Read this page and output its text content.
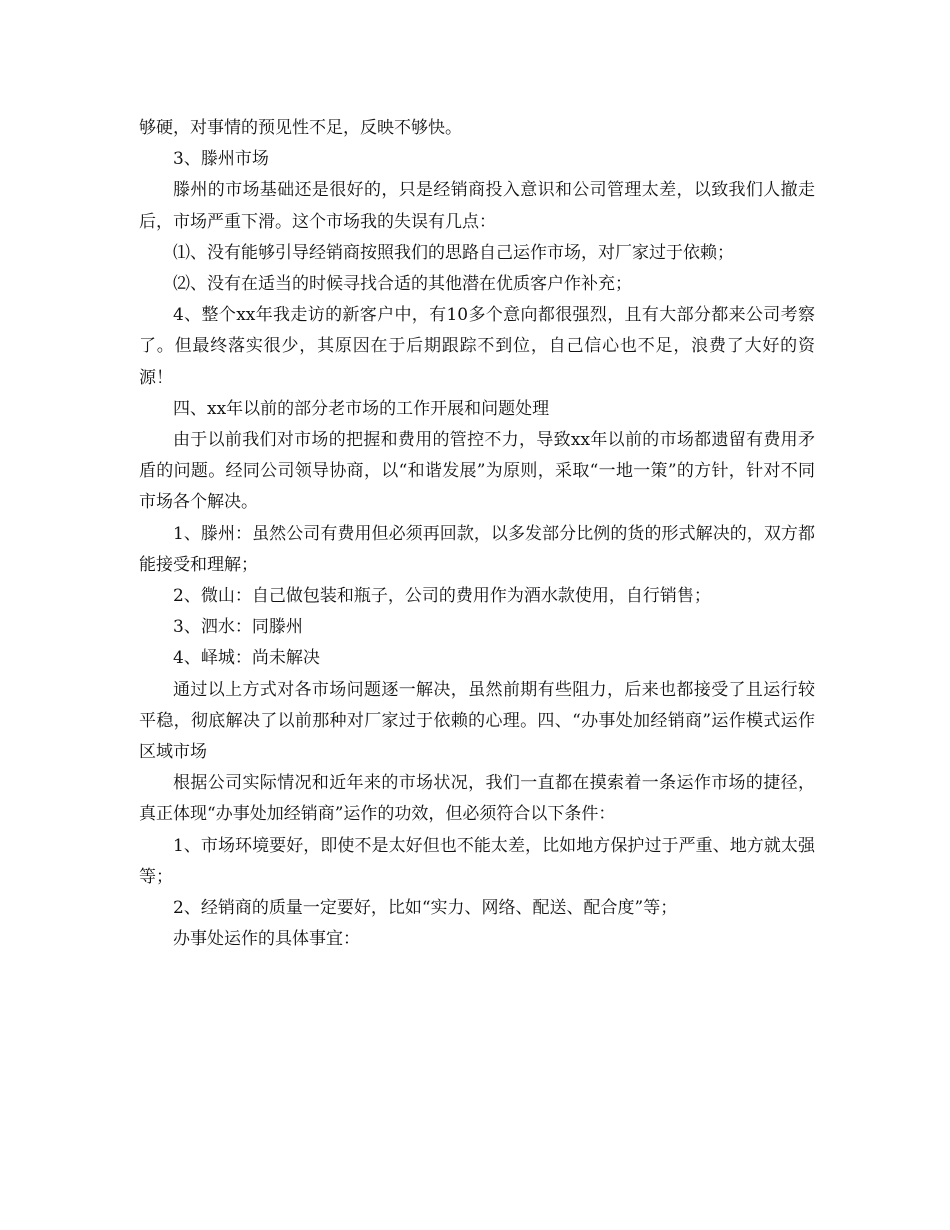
够硬，对事情的预见性不足，反映不够快。

3、滕州市场

滕州的市场基础还是很好的，只是经销商投入意识和公司管理太差，以致我们人撤走后，市场严重下滑。这个市场我的失误有几点：

⑴、没有能够引导经销商按照我们的思路自己运作市场，对厂家过于依赖；

⑵、没有在适当的时候寻找合适的其他潜在优质客户作补充；

4、整个xx年我走访的新客户中，有10多个意向都很强烈，且有大部分都来公司考察了。但最终落实很少，其原因在于后期跟踪不到位，自己信心也不足，浪费了大好的资源！

四、xx年以前的部分老市场的工作开展和问题处理

由于以前我们对市场的把握和费用的管控不力，导致xx年以前的市场都遗留有费用矛盾的问题。经同公司领导协商，以“和谐发展”为原则，采取“一地一策”的方针，针对不同市场各个解决。

1、滕州：虽然公司有费用但必须再回款，以多发部分比例的货的形式解决的，双方都能接受和理解；

2、微山：自己做包装和瓶子，公司的费用作为酒水款使用，自行销售；

3、泗水：同滕州

4、峄城：尚未解决

通过以上方式对各市场问题逐一解决，虽然前期有些阻力，后来也都接受了且运行较平稳，彻底解决了以前那种对厂家过于依赖的心理。四、“办事处加经销商”运作模式运作区域市场

根据公司实际情况和近年来的市场状况，我们一直都在摸索着一条运作市场的捷径，真正体现“办事处加经销商”运作的功效，但必须符合以下条件：

1、市场环境要好，即使不是太好但也不能太差，比如地方保护过于严重、地方就太强等；

2、经销商的质量一定要好，比如“实力、网络、配送、配合度”等；

办事处运作的具体事宜：
